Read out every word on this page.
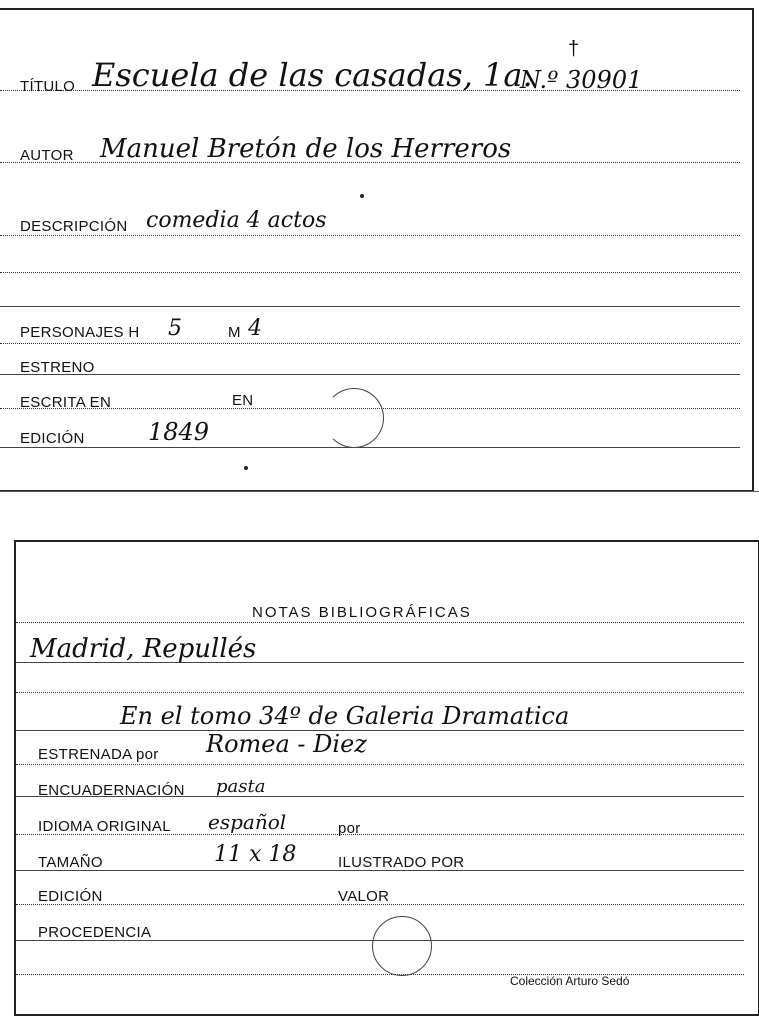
TÍTULO Escuela de las casadas, 1a.
N.º 30901
†
AUTOR Manuel Bretón de los Herreros
DESCRIPCIÓN comedia 4 actos
PERSONAJES H 5	M 4
ESTRENO
ESCRITA EN	EN
EDICIÓN	1849
NOTAS BIBLIOGRÁFICAS
Madrid, Repullés
En el tomo 34º de Galeria Dramatica
ESTRENADA por Romea - Diez
ENCUADERNACIÓN pasta
IDIOMA ORIGINAL español	por
TAMAÑO	11 x 18	ILUSTRADO POR
EDICIÓN	VALOR
PROCEDENCIA
Colección Arturo Sedó
